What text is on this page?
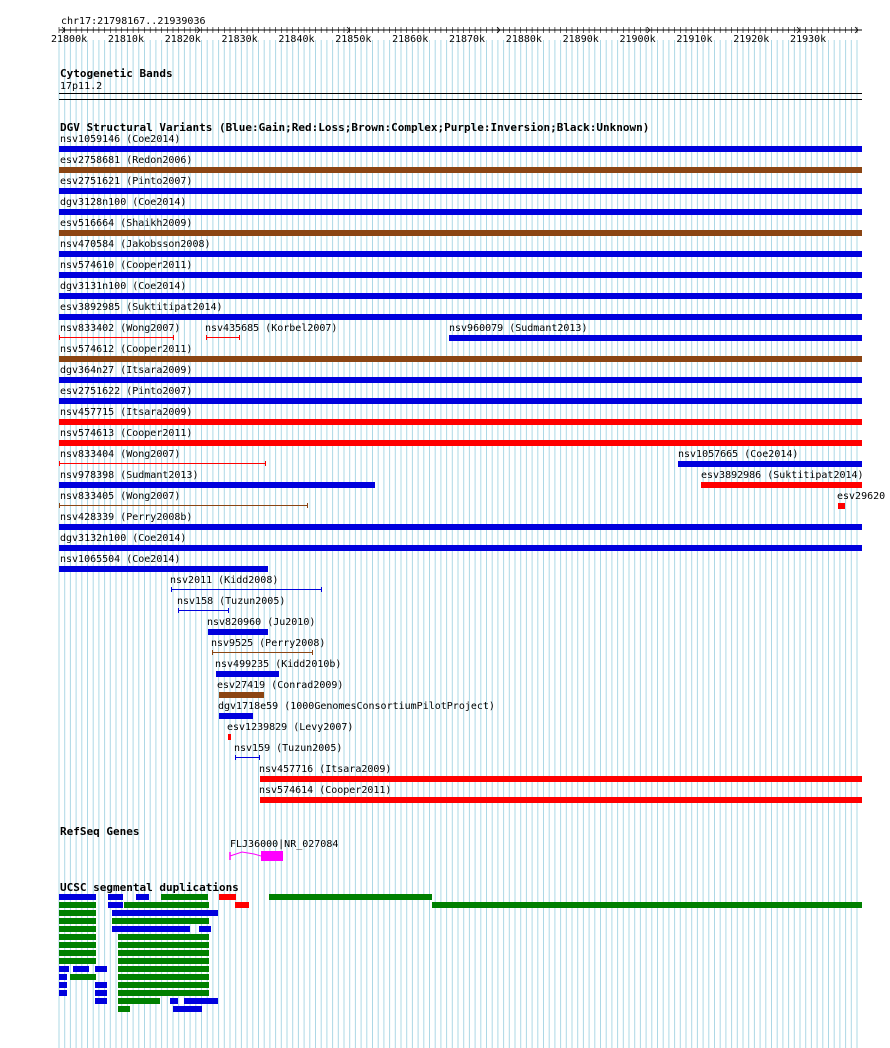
chr17:21798167..21939036
21800k 21810k 21820k 21830k 21840k 21850k 21860k 21870k 21880k 21890k 21900k 21910k 21920k 21930k
Cytogenetic Bands
17p11.2
DGV Structural Variants (Blue:Gain;Red:Loss;Brown:Complex;Purple:Inversion;Black:Unknown)
nsv1059146 (Coe2014)
esv2758681 (Redon2006)
esv2751621 (Pinto2007)
dgv3128n100 (Coe2014)
esv516664 (Shaikh2009)
nsv470584 (Jakobsson2008)
nsv574610 (Cooper2011)
dgv3131n100 (Coe2014)
esv3892985 (Suktitipat2014)
nsv833402 (Wong2007) nsv435685 (Korbel2007)	nsv960079 (Sudmant2013)
nsv574612 (Cooper2011)
dgv364n27 (Itsara2009)
esv2751622 (Pinto2007)
nsv457715 (Itsara2009)
nsv574613 (Cooper2011)
nsv833404 (Wong2007)	nsv1057665 (Coe2014)
nsv978398 (Sudmant2013)	esv3892986 (Suktitipat2014)
nsv833405 (Wong2007)	esv29620
nsv428339 (Perry2008b)
dgv3132n100 (Coe2014)
nsv1065504 (Coe2014)
nsv2011 (Kidd2008)
nsv158 (Tuzun2005)
nsv820960 (Ju2010)
nsv9525 (Perry2008)
nsv499235 (Kidd2010b)
esv27419 (Conrad2009)
dgv1718e59 (1000GenomesConsortiumPilotProject)
esv1239829 (Levy2007)
nsv159 (Tuzun2005)
nsv457716 (Itsara2009)
nsv574614 (Cooper2011)
RefSeq Genes
FLJ36000|NR_027084
UCSC segmental duplications
